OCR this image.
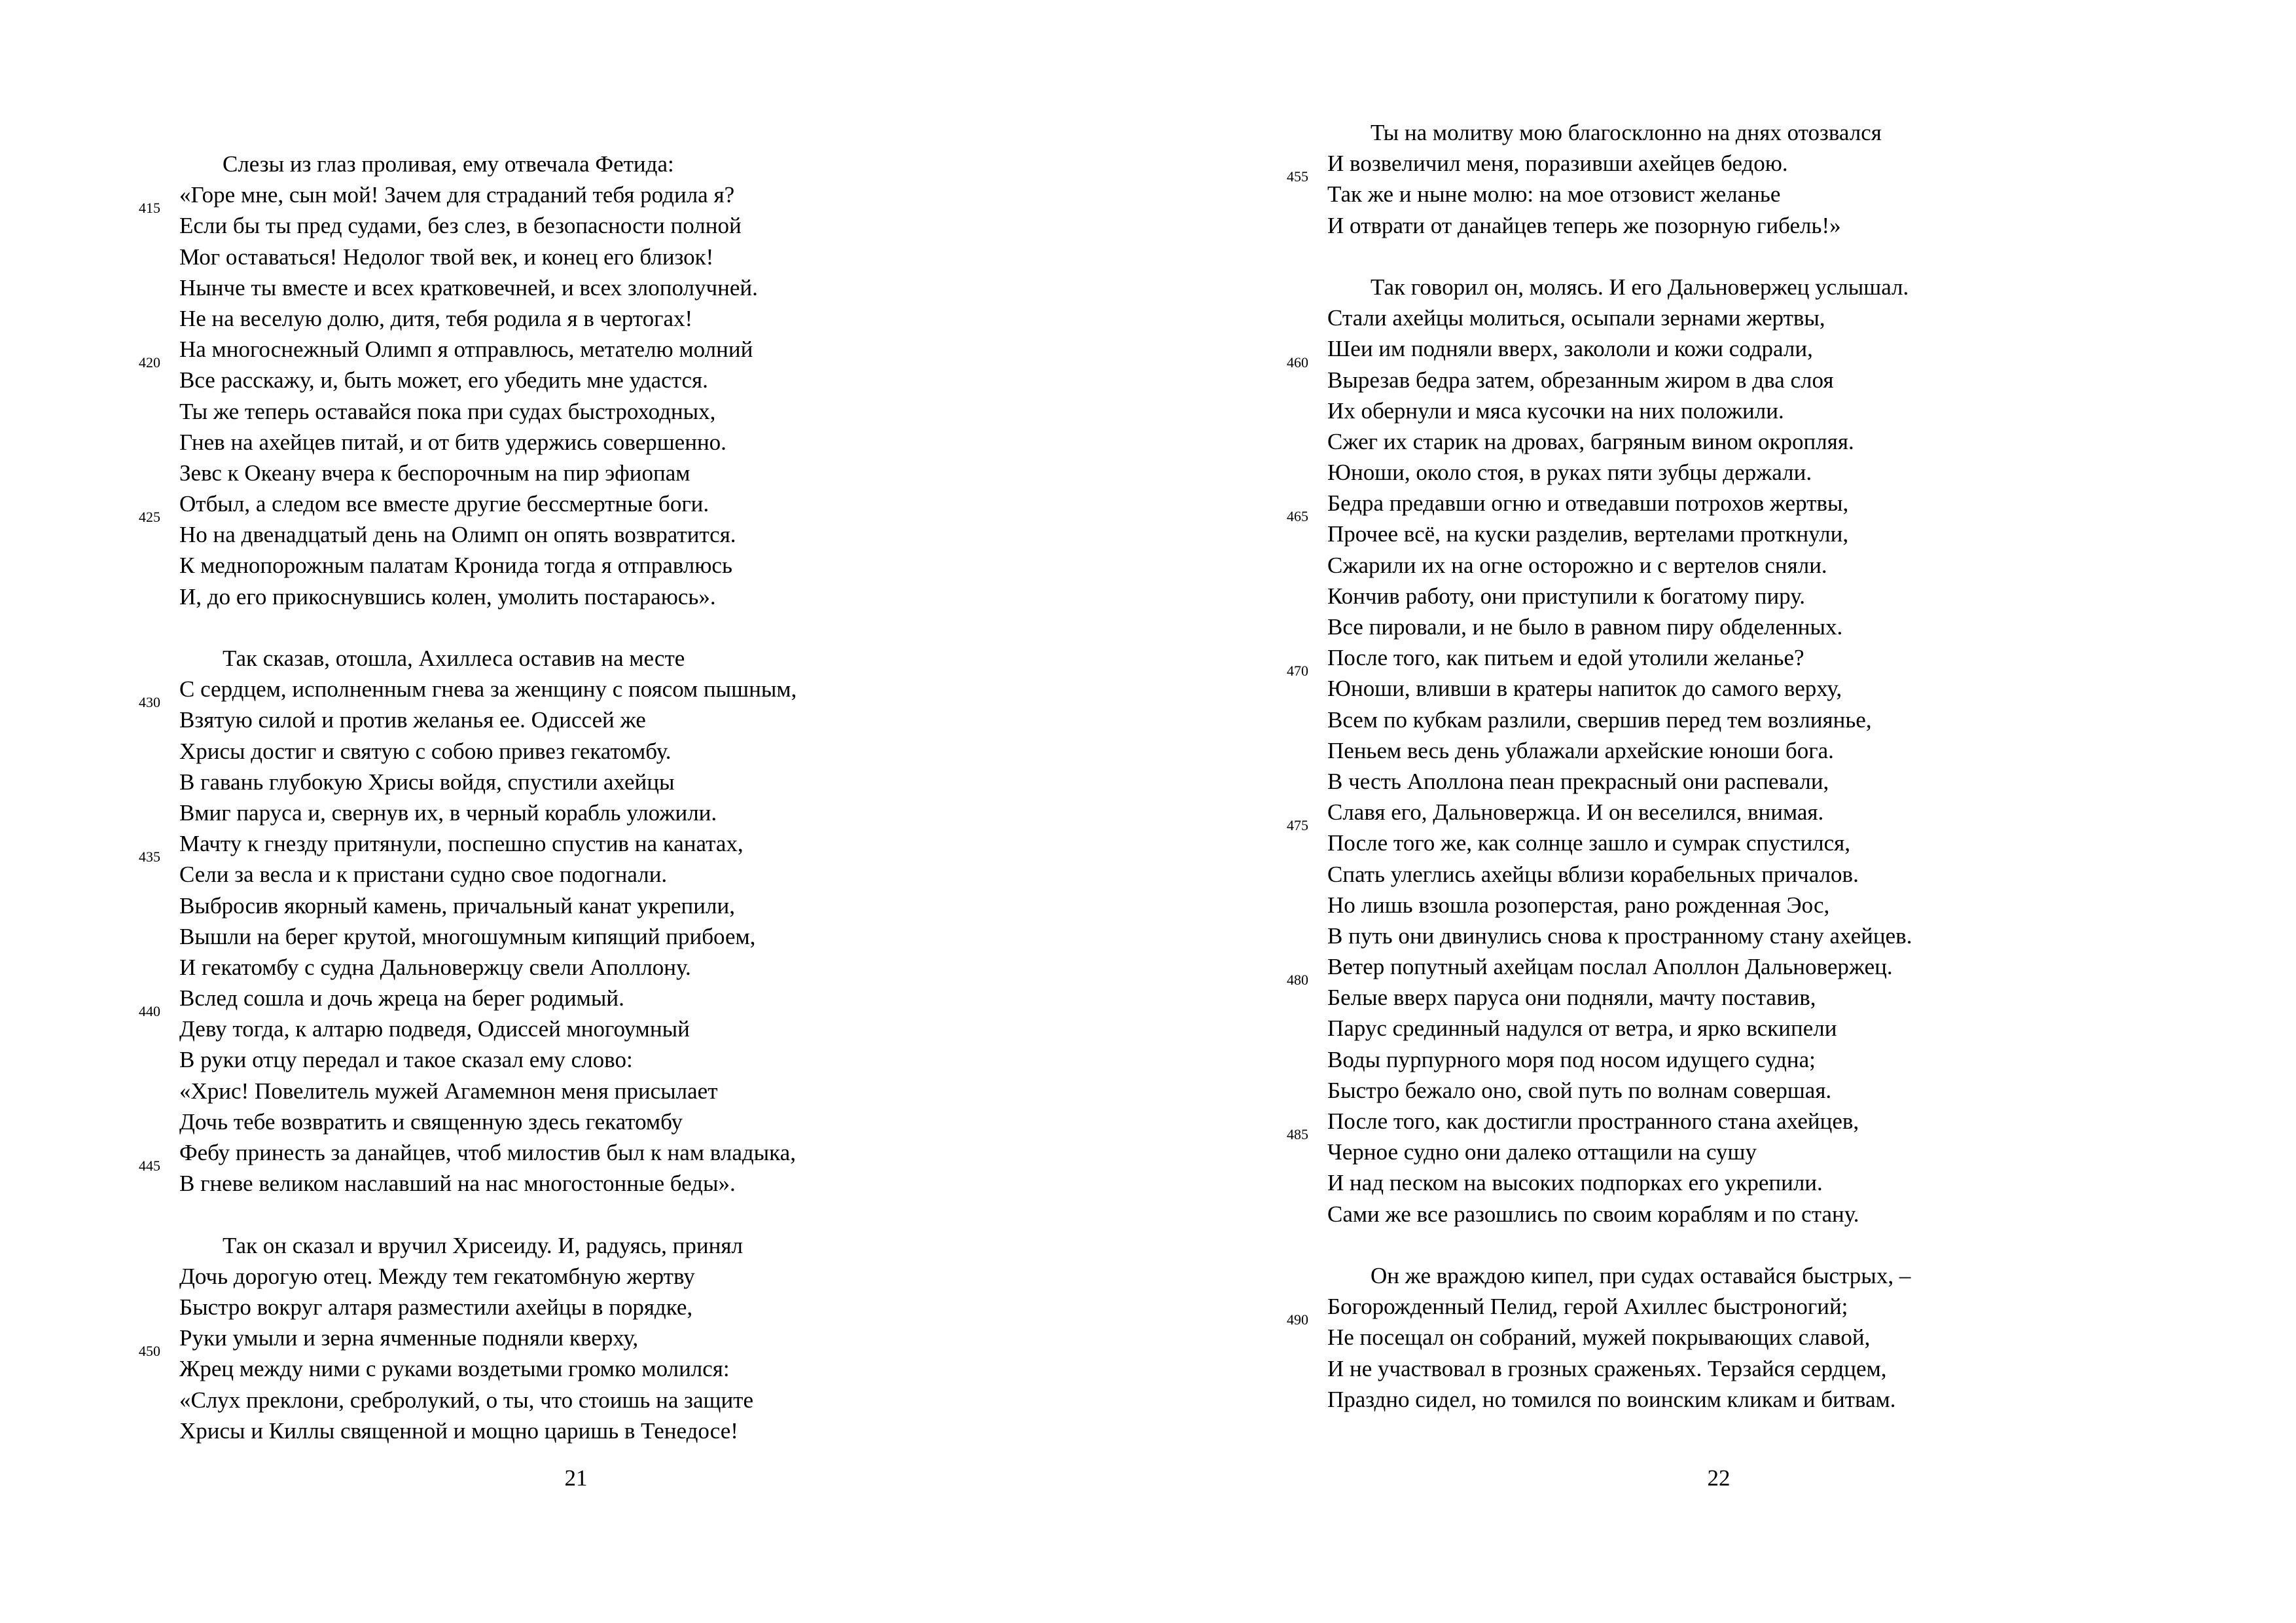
Слезы из глаз проливая, ему отвечала Фетида:
«Горе мне, сын мой! Зачем для страданий тебя родила я?
415
Если бы ты пред судами, без слез, в безопасности полной
Мог оставаться! Недолог твой век, и конец его близок!
Нынче ты вместе и всех кратковечней, и всех злополучней.
Не на веселую долю, дитя, тебя родила я в чертогах!
На многоснежный Олимп я отправлюсь, метателю молний
420
Все расскажу, и, быть может, его убедить мне удастся.
Ты же теперь оставайся пока при судах быстроходных,
Гнев на ахейцев питай, и от битв удержись совершенно.
Зевс к Океану вчера к беспорочным на пир эфиопам
Отбыл, а следом все вместе другие бессмертные боги.
425
Но на двенадцатый день на Олимп он опять возвратится.
К меднопорожным палатам Кронида тогда я отправлюсь
И, до его прикоснувшись колен, умолить постараюсь».
Так сказав, отошла, Ахиллеса оставив на месте
С сердцем, исполненным гнева за женщину с поясом пышным,
430
Взятую силой и против желанья ее. Одиссей же
Хрисы достиг и святую с собою привез гекатомбу.
В гавань глубокую Хрисы войдя, спустили ахейцы
Вмиг паруса и, свернув их, в черный корабль уложили.
Мачту к гнезду притянули, поспешно спустив на канатах,
435
Сели за весла и к пристани судно свое подогнали.
Выбросив якорный камень, причальный канат укрепили,
Вышли на берег крутой, многошумным кипящий прибоем,
И гекатомбу с судна Дальновержцу свели Аполлону.
Вслед сошла и дочь жреца на берег родимый.
440
Деву тогда, к алтарю подведя, Одиссей многоумный
В руки отцу передал и такое сказал ему слово:
«Хрис! Повелитель мужей Агамемнон меня присылает
Дочь тебе возвратить и священную здесь гекатомбу
Фебу принесть за данайцев, чтоб милостив был к нам владыка,
445
В гневе великом наславший на нас многостонные беды».
Так он сказал и вручил Хрисеиду. И, радуясь, принял
Дочь дорогую отец. Между тем гекатомбную жертву
Быстро вокруг алтаря разместили ахейцы в порядке,
Руки умыли и зерна ячменные подняли кверху,
450
Жрец между ними с руками воздетыми громко молился:
«Слух преклони, сребролукий, о ты, что стоишь на защите
Хрисы и Киллы священной и мощно царишь в Тенедосе!
21
Ты на молитву мою благосклонно на днях отозвался
И возвеличил меня, поразивши ахейцев бедою.
455
Так же и ныне молю: на мое отзовист желанье
И отврати от данайцев теперь же позорную гибель!»
Так говорил он, молясь. И его Дальновержец услышал.
Стали ахейцы молиться, осыпали зернами жертвы,
Шеи им подняли вверх, закололи и кожи содрали,
460
Вырезав бедра затем, обрезанным жиром в два слоя
Их обернули и мяса кусочки на них положили.
Сжег их старик на дровах, багряным вином окропляя.
Юноши, около стоя, в руках пяти зубцы держали.
Бедра предавши огню и отведавши потрохов жертвы,
465
Прочее всё, на куски разделив, вертелами проткнули,
Сжарили их на огне осторожно и с вертелов сняли.
Кончив работу, они приступили к богатому пиру.
Все пировали, и не было в равном пиру обделенных.
После того, как питьем и едой утолили желанье?
470
Юноши, вливши в кратеры напиток до самого верху,
Всем по кубкам разлили, свершив перед тем возлиянье,
Пеньем весь день ублажали архейские юноши бога.
В честь Аполлона пеан прекрасный они распевали,
Славя его, Дальновержца. И он веселился, внимая.
475
После того же, как солнце зашло и сумрак спустился,
Спать улеглись ахейцы вблизи корабельных причалов.
Но лишь взошла розоперстая, рано рожденная Эос,
В путь они двинулись снова к пространному стану ахейцев.
Ветер попутный ахейцам послал Аполлон Дальновержец.
480
Белые вверх паруса они подняли, мачту поставив,
Парус срединный надулся от ветра, и ярко вскипели
Воды пурпурного моря под носом идущего судна;
Быстро бежало оно, свой путь по волнам совершая.
После того, как достигли пространного стана ахейцев,
485
Черное судно они далеко оттащили на сушу
И над песком на высоких подпорках его укрепили.
Сами же все разошлись по своим кораблям и по стану.
Он же враждою кипел, при судах оставайся быстрых, –
Богорожденный Пелид, герой Ахиллес быстроногий;
490
Не посещал он собраний, мужей покрывающих славой,
И не участвовал в грозных сраженьях. Терзайся сердцем,
Праздно сидел, но томился по воинским кликам и битвам.
22
